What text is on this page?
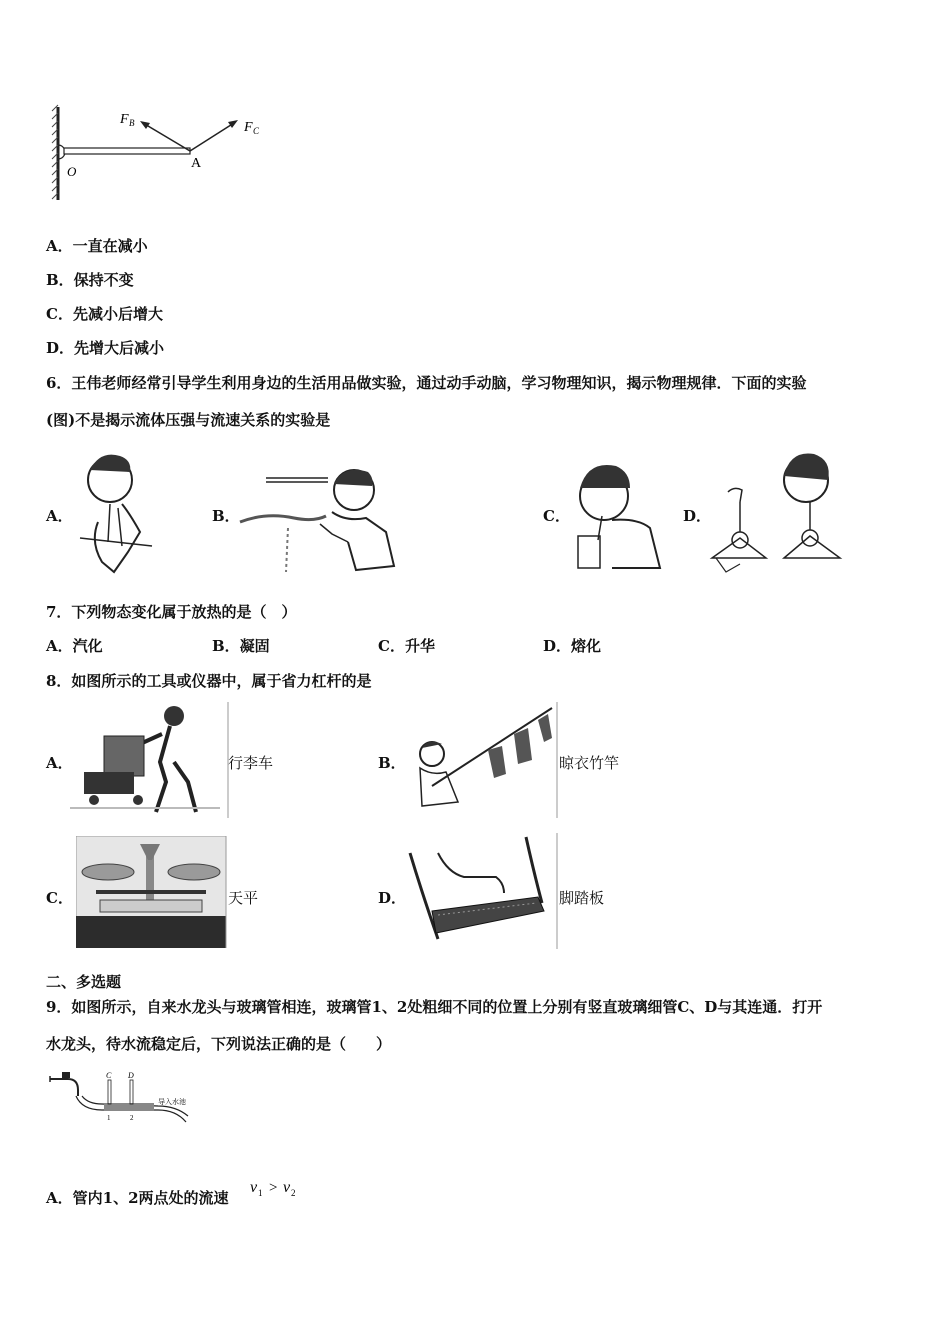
F B	F C
A
O
A．一直在减小
B．保持不变
C．先减小后增大
D．先增大后减小
6．王伟老师经常引导学生利用身边的生活用品做实验，通过动手动脑，学习物理知识，揭示物理规律．下面的实验
(图)不是揭示流体压强与流速关系的实验是
A．	B．	C．	D．
7．下列物态变化属于放热的是（　）
A．汽化	B．凝固	C．升华	D．熔化
8．如图所示的工具或仪器中，属于省力杠杆的是
A．	行李车	B．	晾衣竹竿
C．	天平	D．	脚踏板
二、多选题
9．如图所示，自来水龙头与玻璃管相连，玻璃管1、2处粗细不同的位置上分别有竖直玻璃细管C、D与其连通．打开
水龙头，待水流稳定后，下列说法正确的是（　　）
C D
1	2
导入水池
A．管内1、2两点处的流速
v 1 > v 2
